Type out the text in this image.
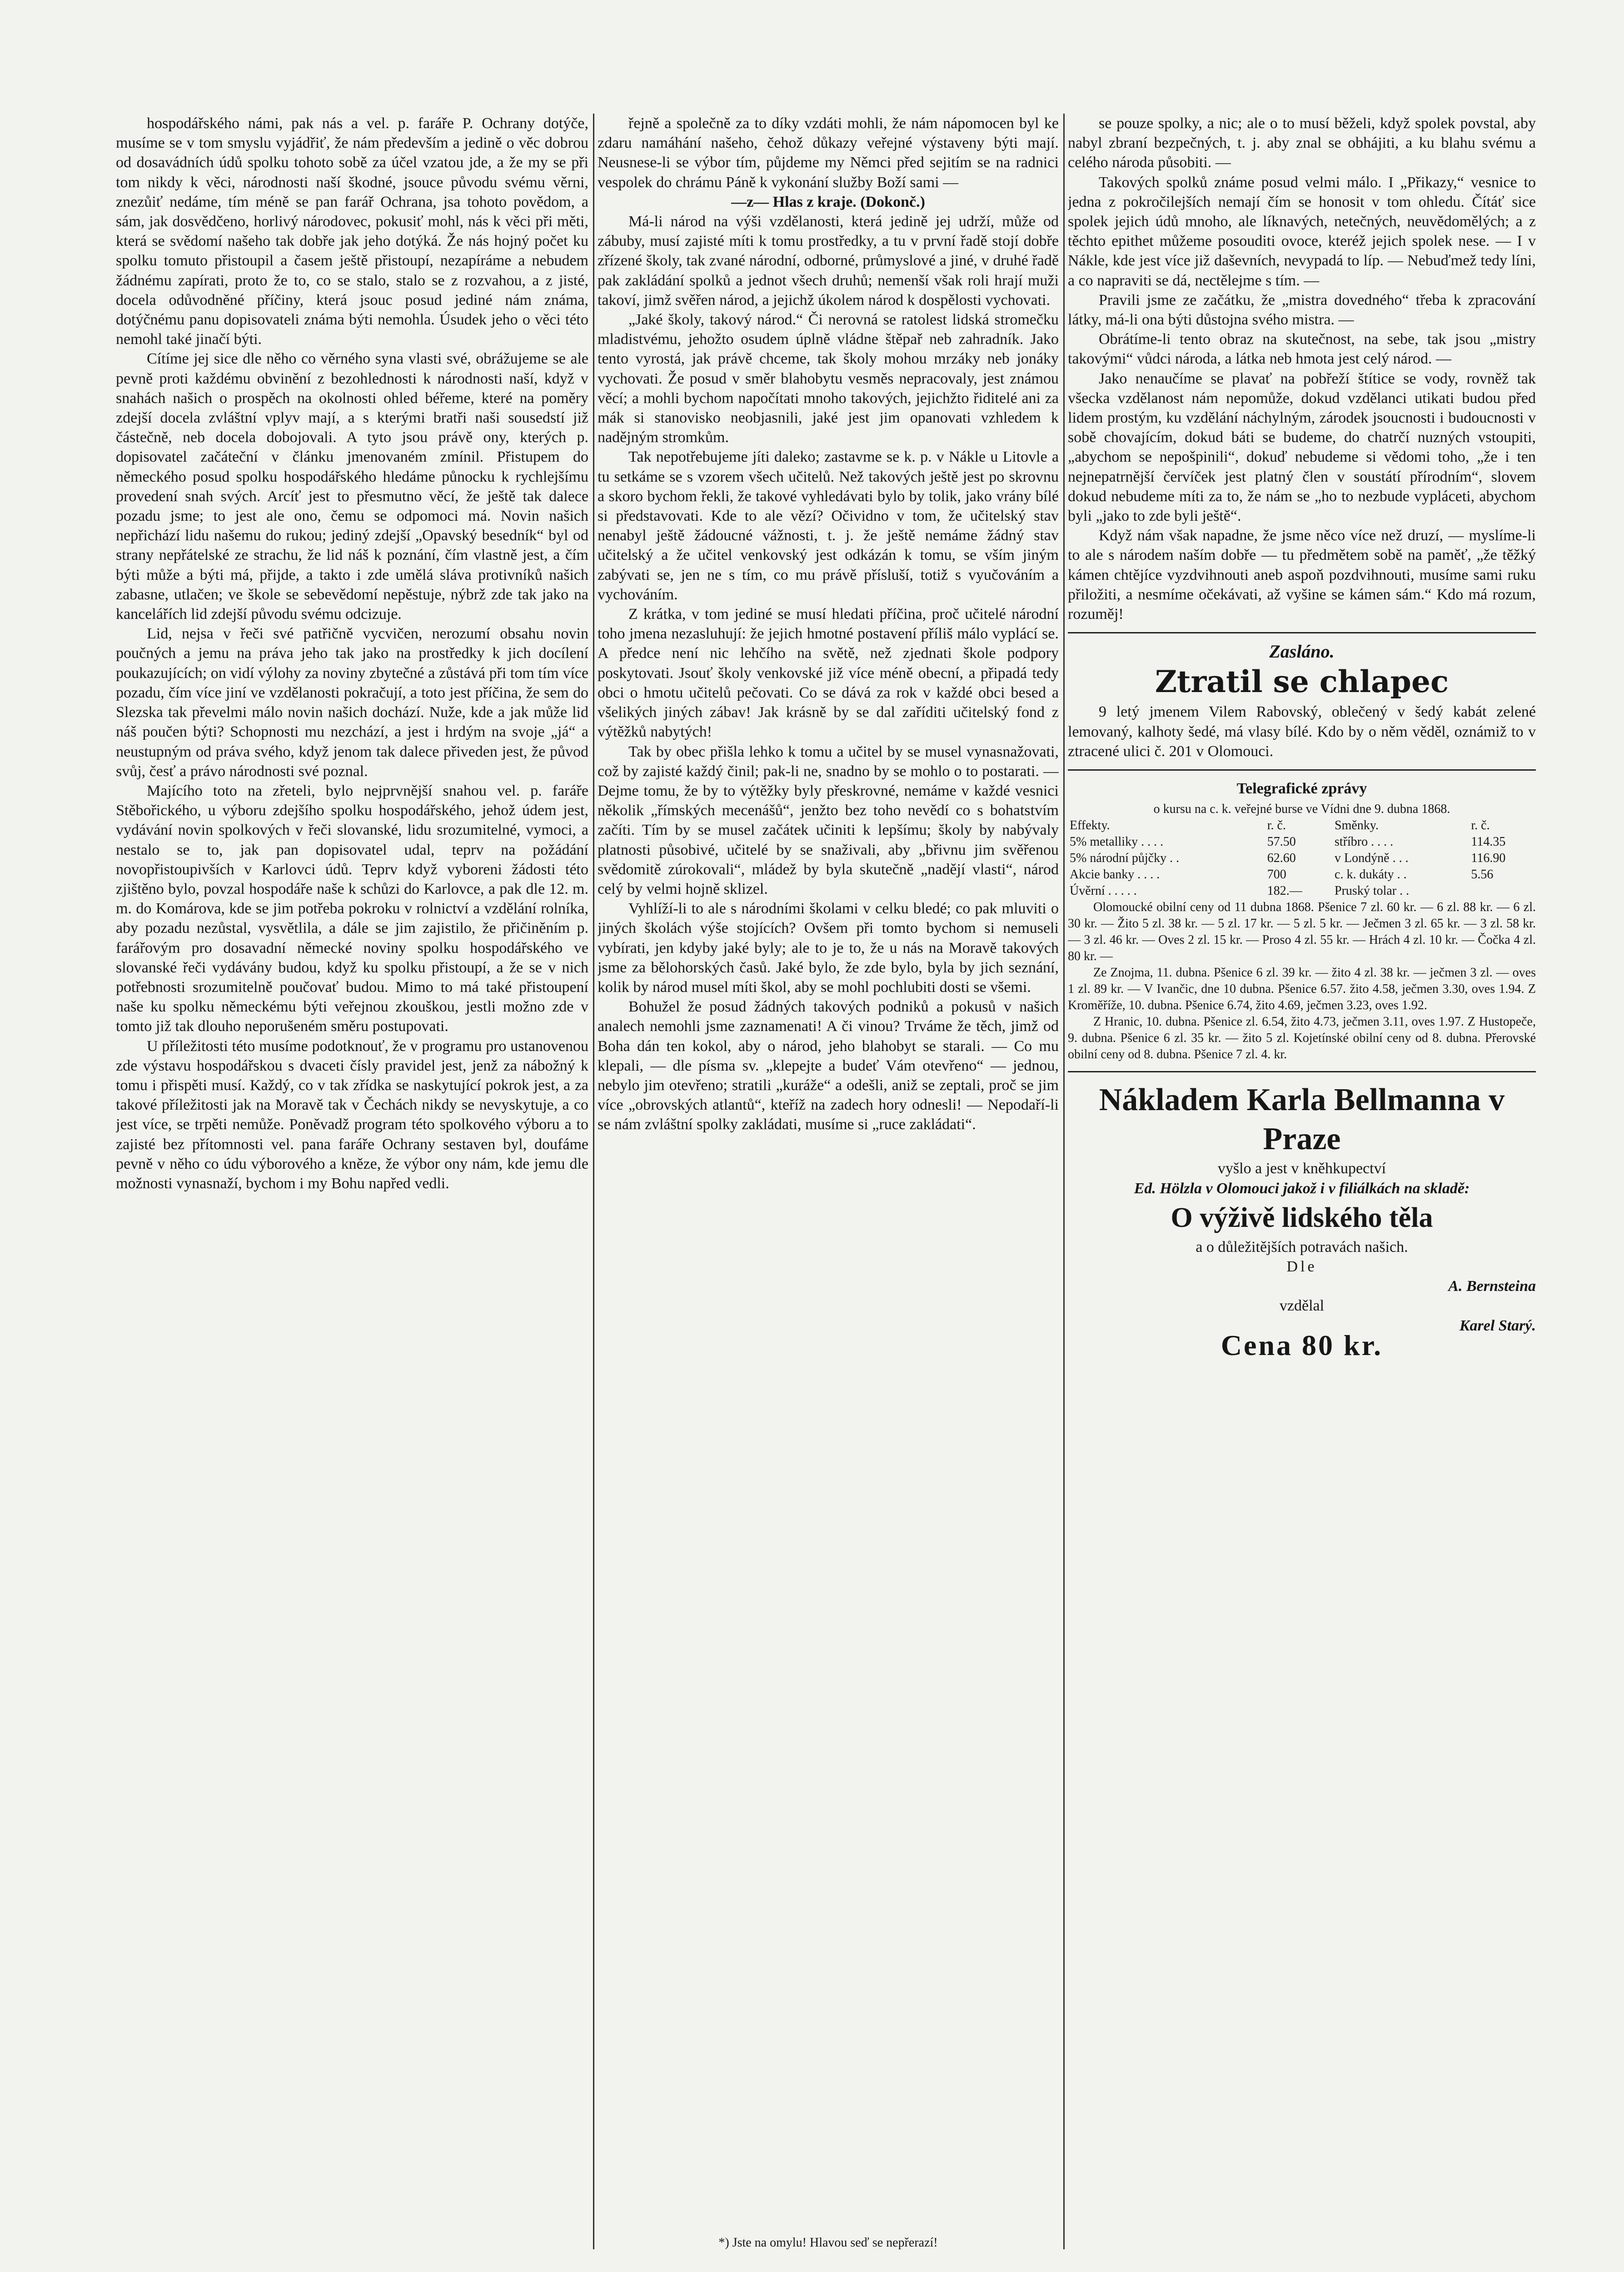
hospodářského námi, pak nás a vel. p. faráře P. Ochrany dotýče, musíme se v tom smyslu vyjádřiť, že nám především a jedině o věc dobrou od dosavádních údů spolku tohoto sobě za účel vzatou jde, a že my se při tom nikdy k věci, národnosti naší škodné, jsouce původu svému věrni, znezůiť nedáme, tím méně se pan farář Ochrana, jsa tohoto povědom, a sám, jak dosvědčeno, horlivý národovec, pokusiť mohl, nás k věci při měti, která se svědomí našeho tak dobře jak jeho dotýká. Že nás hojný počet ku spolku tomuto přistoupil a časem ještě přistoupí, nezapíráme a nebudem žádnému zapírati, proto že to, co se stalo, stalo se z rozvahou, a z jisté, docela odůvodněné příčiny, která jsouc posud jediné nám známa, dotýčnému panu dopisovateli známa býti nemohla. Úsudek jeho o věci této nemohl také jinačí býti.

Cítíme jej sice dle něho co věrného syna vlasti své, obrážujeme se ale pevně proti každému obvinění z bezohlednosti k národnosti naší, když v snahách našich o prospěch na okolnosti ohled béřeme, které na poměry zdejší docela zvláštní vplyv mají, a s kterými bratři naši sousedstí již částečně, neb docela dobojovali. A tyto jsou právě ony, kterých p. dopisovatel začáteční v článku jmenovaném zmínil. Přistupem do německého posud spolku hospodářského hledáme půnocku k rychlejšímu provedení snah svých. Arcíť jest to přesmutno věcí, že ještě tak dalece pozadu jsme; to jest ale ono, čemu se odpomoci má. Novin našich nepřichází lidu našemu do rukou; jediný zdejší „Opavský besedník“ byl od strany nepřátelské ze strachu, že lid náš k poznání, čím vlastně jest, a čím býti může a býti má, přijde, a takto i zde umělá sláva protivníků našich zabasne, utlačen; ve škole se sebevědomí nepěstuje, nýbrž zde tak jako na kancelářích lid zdejší původu svému odcizuje.

Lid, nejsa v řeči své patřičně vycvičen, nerozumí obsahu novin poučných a jemu na práva jeho tak jako na prostředky k jich docílení poukazujících; on vidí výlohy za noviny zbytečné a zůstává při tom tím více pozadu, čím více jiní ve vzdělanosti pokračují, a toto jest příčina, že sem do Slezska tak převelmi málo novin našich dochází. Nuže, kde a jak může lid náš poučen býti? Schopnosti mu nezchází, a jest i hrdým na svoje „já“ a neustupným od práva svého, když jenom tak dalece přiveden jest, že původ svůj, česť a právo národnosti své poznal.

Majícího toto na zřeteli, bylo nejprvnější snahou vel. p. faráře Stěbořického, u výboru zdejšího spolku hospodářského, jehož údem jest, vydávání novin spolkových v řeči slovanské, lidu srozumitelné, vymoci, a nestalo se to, jak pan dopisovatel udal, teprv na požádání novopřistoupivších v Karlovci údů. Teprv když vyboreni žádosti této zjištěno bylo, povzal hospodáře naše k schůzi do Karlovce, a pak dle 12. m. m. do Komárova, kde se jim potřeba pokroku v rolnictví a vzdělání rolníka, aby pozadu nezůstal, vysvětlila, a dále se jim zajistilo, že přičiněním p. farářovým pro dosavadní německé noviny spolku hospodářského ve slovanské řeči vydávány budou, když ku spolku přistoupí, a že se v nich potřebnosti srozumitelně poučovať budou. Mimo to má také přistoupení naše ku spolku německému býti veřejnou zkouškou, jestli možno zde v tomto již tak dlouho neporušeném směru postupovati.

U příležitosti této musíme podotknouť, že v programu pro ustanovenou zde výstavu hospodářskou s dvaceti čísly pravidel jest, jenž za nábožný k tomu i přispěti musí. Každý, co v tak zřídka se naskytující pokrok jest, a za takové příležitosti jak na Moravě tak v Čechách nikdy se nevyskytuje, a co jest více, se trpěti nemůže. Poněvadž program této spolkového výboru a to zajisté bez přítomnosti vel. pana faráře Ochrany sestaven byl, doufáme pevně v něho co údu výborového a kněze, že výbor ony nám, kde jemu dle možnosti vynasnaží, bychom i my Bohu napřed vedli.

řejně a společně za to díky vzdáti mohli, že nám nápomocen byl ke zdaru namáhání našeho, čehož důkazy veřejné výstaveny býti mají. Neusnese-li se výbor tím, půjdeme my Němci před sejitím se na radnici vespolek do chrámu Páně k vykonání služby Boží sami —

—z— Hlas z kraje. (Dokonč.)

Má-li národ na výši vzdělanosti, která jedině jej udrží, může od zábuby, musí zajisté míti k tomu prostředky, a tu v první řadě stojí dobře zřízené školy, tak zvané národní, odborné, průmyslové a jiné, v druhé řadě pak zakládání spolků a jednot všech druhů; nemenší však roli hrají muži takoví, jimž svěřen národ, a jejichž úkolem národ k dospělosti vychovati.

„Jaké školy, takový národ.“ Či nerovná se ratolest lidská stromečku mladistvému, jehožto osudem úplně vládne štěpař neb zahradník. Jako tento vyrostá, jak právě chceme, tak školy mohou mrzáky neb jonáky vychovati. Že posud v směr blahobytu vesměs nepracovaly, jest známou věcí; a mohli bychom napočítati mnoho takových, jejichžto řiditelé ani za mák si stanovisko neobjasnili, jaké jest jim opanovati vzhledem k nadějným stromkům.

Tak nepotřebujeme jíti daleko; zastavme se k. p. v Nákle u Litovle a tu setkáme se s vzorem všech učitelů. Než takových ještě jest po skrovnu a skoro bychom řekli, že takové vyhledávati bylo by tolik, jako vrány bílé si představovati. Kde to ale vězí? Očividno v tom, že učitelský stav nenabyl ještě žádoucné vážnosti, t. j. že ještě nemáme žádný stav učitelský a že učitel venkovský jest odkázán k tomu, se vším jiným zabývati se, jen ne s tím, co mu právě přísluší, totiž s vyučováním a vychováním.

Z krátka, v tom jediné se musí hledati příčina, proč učitelé národní toho jmena nezasluhují: že jejich hmotné postavení příliš málo vyplácí se. A předce není nic lehčího na světě, než zjednati škole podpory poskytovati. Jsouť školy venkovské již více méně obecní, a připadá tedy obci o hmotu učitelů pečovati. Co se dává za rok v každé obci besed a všelikých jiných zábav! Jak krásně by se dal zaříditi učitelský fond z výtěžků nabytých!

Tak by obec přišla lehko k tomu a učitel by se musel vynasnažovati, což by zajisté každý činil; pak-li ne, snadno by se mohlo o to postarati. — Dejme tomu, že by to výtěžky byly přeskrovné, nemáme v každé vesnici několik „římských mecenášů“, jenžto bez toho nevědí co s bohatstvím začíti. Tím by se musel začátek učiniti k lepšímu; školy by nabývaly platnosti působivé, učitelé by se snaživali, aby „břivnu jim svěřenou svědomitě zúrokovali“, mládež by byla skutečně „nadějí vlasti“, národ celý by velmi hojně sklizel.

Vyhlíží-li to ale s národními školami v celku bledé; co pak mluviti o jiných školách výše stojících? Ovšem při tomto bychom si nemuseli vybírati, jen kdyby jaké byly; ale to je to, že u nás na Moravě takových jsme za bělohorských časů. Jaké bylo, že zde bylo, byla by jich seznání, kolik by národ musel míti škol, aby se mohl pochlubiti dosti se všemi.

Bohužel že posud žádných takových podniků a pokusů v našich analech nemohli jsme zaznamenati! A či vinou? Trváme že těch, jimž od Boha dán ten kokol, aby o národ, jeho blahobyt se starali. — Co mu klepali, — dle písma sv. „klepejte a budeť Vám otevřeno“ — jednou, nebylo jim otevřeno; stratili „kuráže“ a odešli, aniž se zeptali, proč se jim více „obrovských atlantů“, kteříž na zadech hory odnesli! — Nepodaří-li se nám zvláštní spolky zakládati, musíme si „ruce zakládati“.

se pouze spolky, a nic; ale o to musí běželi, když spolek povstal, aby nabyl zbraní bezpečných, t. j. aby znal se obhájiti, a ku blahu svému a celého národa působiti. —

Takových spolků známe posud velmi málo. I „Přikazy,“ vesnice to jedna z pokročilejších nemají čím se honosit v tom ohledu. Čítáť sice spolek jejich údů mnoho, ale líknavých, netečných, neuvědomělých; a z těchto epithet můžeme posouditi ovoce, kteréž jejich spolek nese. — I v Nákle, kde jest více již daševních, nevypadá to líp. — Nebuďmež tedy líni, a co napraviti se dá, nectělejme s tím. —

Pravili jsme ze začátku, že „mistra dovedného“ třeba k zpracování látky, má-li ona býti důstojna svého mistra. —

Obrátíme-li tento obraz na skutečnost, na sebe, tak jsou „mistry takovými“ vůdci národa, a látka neb hmota jest celý národ. —

Jako nenaučíme se plavať na pobřeží štítice se vody, rovněž tak všecka vzdělanost nám nepomůže, dokud vzdělanci utikati budou před lidem prostým, ku vzdělání náchylným, zárodek jsoucnosti i budoucnosti v sobě chovajícím, dokud báti se budeme, do chatrčí nuzných vstoupiti, „abychom se nepošpinili“, dokuď nebudeme si vědomi toho, „že i ten nejnepatrnější červíček jest platný člen v soustátí přírodním“, slovem dokud nebudeme míti za to, že nám se „ho to nezbude vypláceti, abychom byli „jako to zde byli ještě“.

Když nám však napadne, že jsme něco více než druzí, — myslíme-li to ale s národem naším dobře — tu předmětem sobě na paměť, „že těžký kámen chtějíce vyzdvihnouti aneb aspoň pozdvihnouti, musíme sami ruku přiložiti, a nesmíme očekávati, až vyšine se kámen sám.“ Kdo má rozum, rozuměj!

Zasláno.
Ztratil se chlapec

9 letý jmenem Vilem Rabovský, oblečený v šedý kabát zelené lemovaný, kalhoty šedé, má vlasy bílé. Kdo by o něm věděl, oznámiž to v ztracené ulici č. 201 v Olomouci.

Telegrafické zprávy
o kursu na c. k. veřejné burse ve Vídni dne 9. dubna 1868.
Effekty.	r. č.	Směnky.	r. č.
5% metalliky . . . .	57.50	stříbro . . . .	114.35
5% národní půjčky . .	62.60	v Londýně . . .	116.90
Akcie banky . . . .	700	c. k. dukáty . .	5.56
Úvěrní . . . . .	182.—	Pruský tolar . .	

Olomoucké obilní ceny od 11 dubna 1868. Pšenice 7 zl. 60 kr. — 6 zl. 88 kr. — 6 zl. 30 kr. — Žito 5 zl. 38 kr. — 5 zl. 17 kr. — 5 zl. 5 kr. — Ječmen 3 zl. 65 kr. — 3 zl. 58 kr. — 3 zl. 46 kr. — Oves 2 zl. 15 kr. — Proso 4 zl. 55 kr. — Hrách 4 zl. 10 kr. — Čočka 4 zl. 80 kr. —

Ze Znojma, 11. dubna. Pšenice 6 zl. 39 kr. — žito 4 zl. 38 kr. — ječmen 3 zl. — oves 1 zl. 89 kr. — V Ivančic, dne 10 dubna. Pšenice 6.57. žito 4.58, ječmen 3.30, oves 1.94. Z Kroměříže, 10. dubna. Pšenice 6.74, žito 4.69, ječmen 3.23, oves 1.92.

Z Hranic, 10. dubna. Pšenice zl. 6.54, žito 4.73, ječmen 3.11, oves 1.97. Z Hustopeče, 9. dubna. Pšenice 6 zl. 35 kr. — žito 5 zl. Kojetínské obilní ceny od 8. dubna. Přerovské obilní ceny od 8. dubna. Pšenice 7 zl. 4. kr.

Nákladem Karla Bellmanna v Praze
vyšlo a jest v kněhkupectví
Ed. Hölzla v Olomouci jakož i v filiálkách na skladě:
O výživě lidského těla
a o důležitějších potravách našich.
Dle
A. Bernsteina
vzdělal
Karel Starý.
Cena 80 kr.
*) Jste na omylu! Hlavou seď se nepřerazí!
